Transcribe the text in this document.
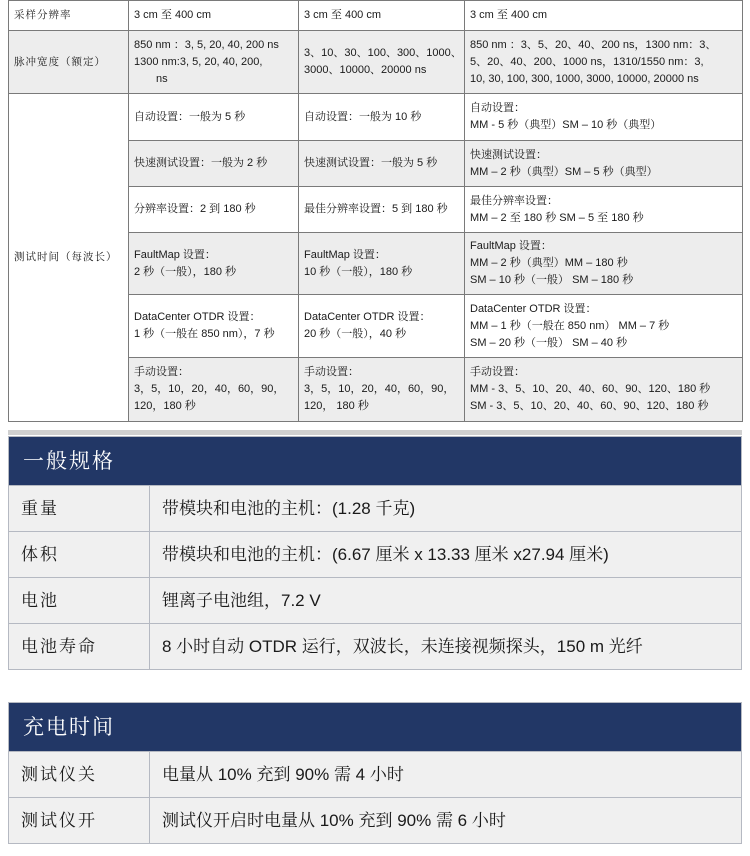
采样分辨率	3 cm 至 400 cm	3 cm 至 400 cm	3 cm 至 400 cm
脉冲宽度（额定）	850 nm ：3, 5, 20, 40, 200 ns
1300 nm:3, 5, 20, 40, 200,
ns	3、10、30、100、300、1000、
3000、10000、20000 ns	850 nm ：3、5、20、40、200 ns，1300 nm：3、
5、20、40、200、1000 ns，1310/1550 nm：3,
10, 30, 100, 300, 1000, 3000, 10000, 20000 ns

测试时间（每波长）	自动设置：一般为 5 秒	自动设置：一般为 10 秒	自动设置：
MM - 5 秒（典型）SM – 10 秒（典型）

	快速测试设置：一般为 2 秒	快速测试设置：一般为 5 秒	快速测试设置：
MM – 2 秒（典型）SM – 5 秒（典型）

	分辨率设置：2 到 180 秒	最佳分辨率设置：5 到 180 秒	最佳分辨率设置：
MM – 2 至 180 秒 SM – 5 至 180 秒

	FaultMap 设置：
2 秒（一般），180 秒	FaultMap 设置：
10 秒（一般），180 秒	FaultMap 设置：
MM – 2 秒（典型）MM – 180 秒
SM – 10 秒（一般） SM – 180 秒

	DataCenter OTDR 设置：
1 秒（一般在 850 nm），7 秒	DataCenter OTDR 设置：
20 秒（一般），40 秒	DataCenter OTDR 设置：
MM – 1 秒（一般在 850 nm） MM – 7 秒
SM – 20 秒（一般） SM – 40 秒

	手动设置：
3，5，10，20，40，60，90，
120，180 秒	手动设置：
3，5，10，20，40，60，90，
120， 180 秒	手动设置：
MM - 3、5、10、20、40、60、90、120、180 秒
SM - 3、5、10、20、40、60、90、120、180 秒
一般规格
重量	带模块和电池的主机：(1.28 千克)
体积	带模块和电池的主机：(6.67 厘米 x 13.33 厘米 x27.94 厘米)
电池	锂离子电池组，7.2 V
电池寿命	8 小时自动 OTDR 运行，双波长，未连接视频探头，150 m 光纤
充电时间
测试仪关	电量从 10% 充到 90% 需 4 小时
测试仪开	测试仪开启时电量从 10% 充到 90% 需 6 小时
